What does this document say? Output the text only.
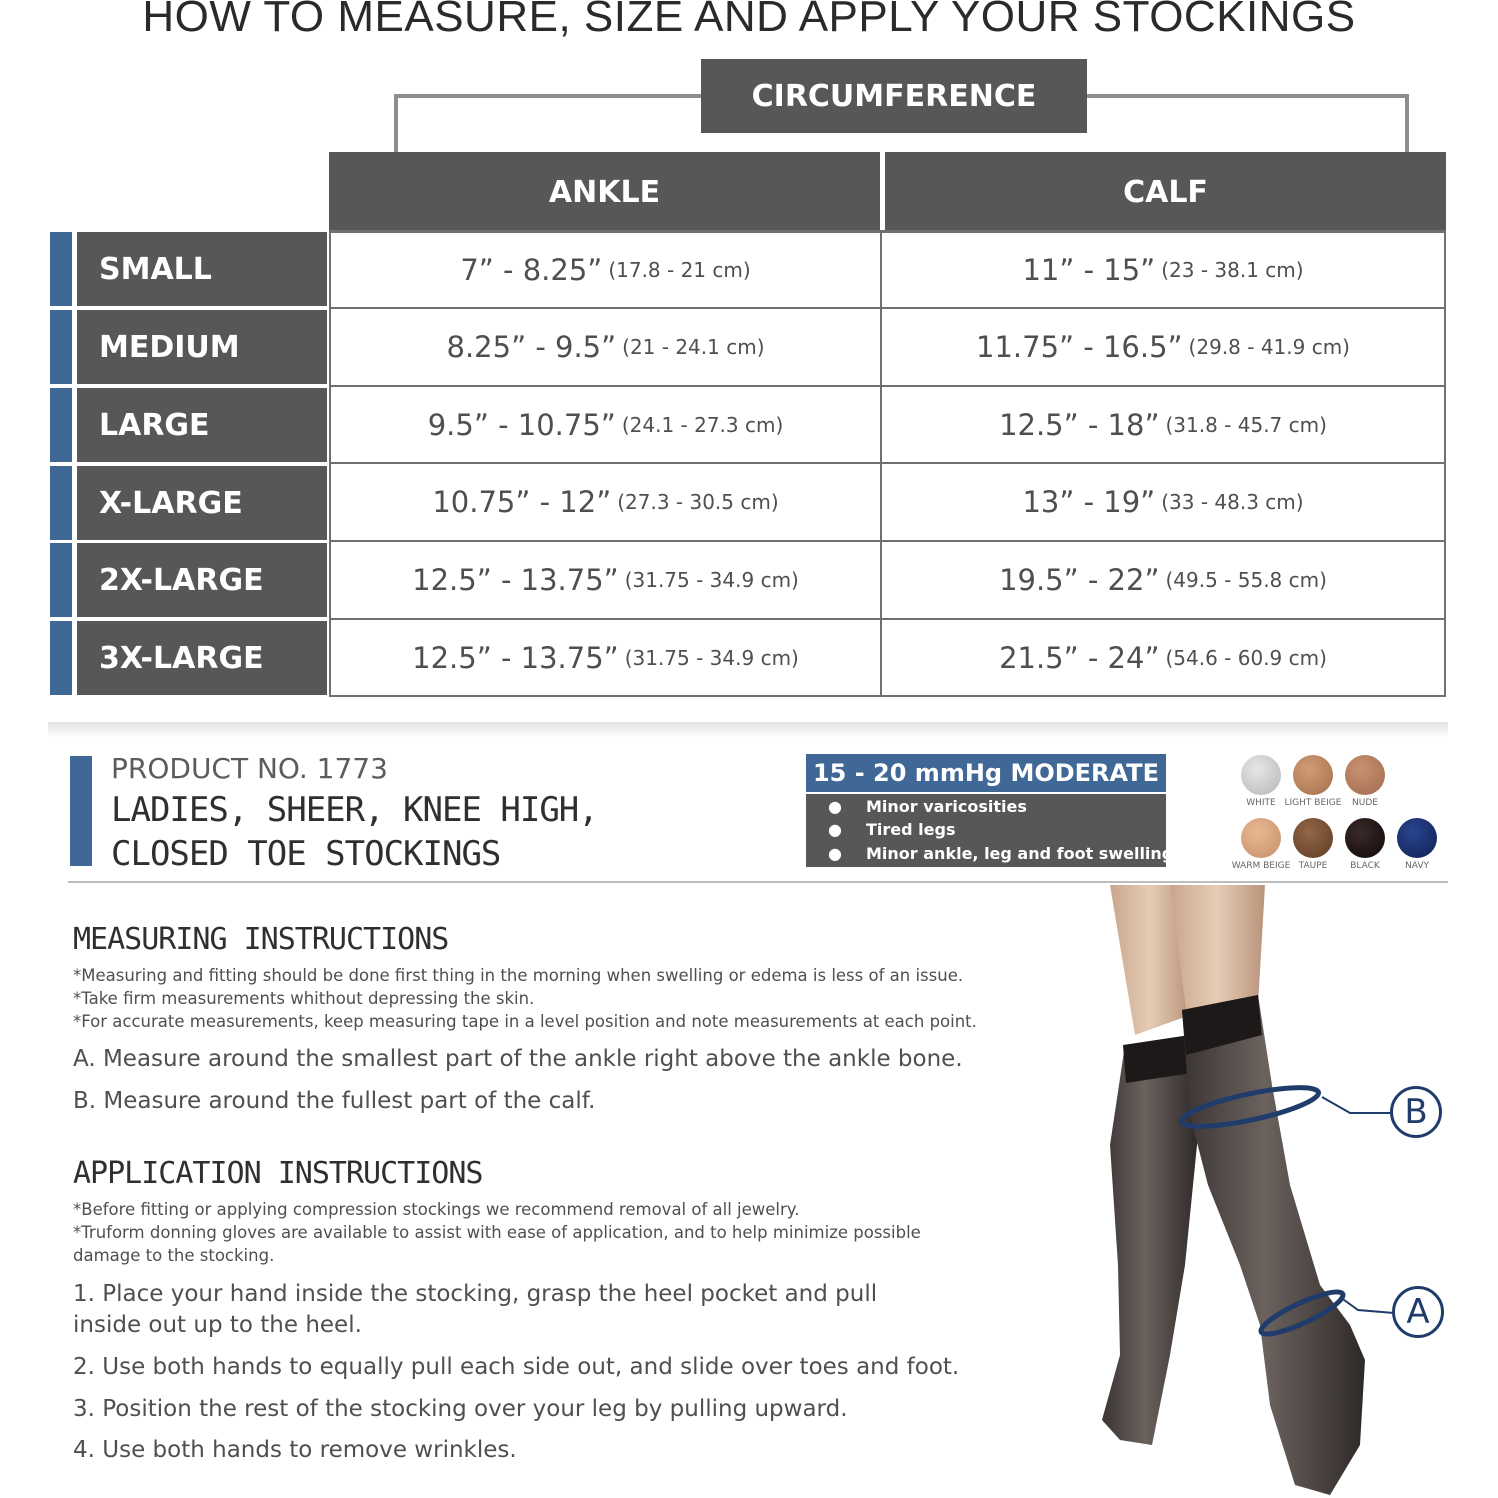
HOW TO MEASURE, SIZE AND APPLY YOUR STOCKINGS
CIRCUMFERENCE
ANKLE	CALF
SMALL	7” - 8.25” (17.8 - 21 cm)	11” - 15” (23 - 38.1 cm)
MEDIUM	8.25” - 9.5” (21 - 24.1 cm)	11.75” - 16.5” (29.8 - 41.9 cm)
LARGE	9.5” - 10.75” (24.1 - 27.3 cm)	12.5” - 18” (31.8 - 45.7 cm)
X-LARGE	10.75” - 12” (27.3 - 30.5 cm)	13” - 19” (33 - 48.3 cm)
2X-LARGE	12.5” - 13.75” (31.75 - 34.9 cm)	19.5” - 22” (49.5 - 55.8 cm)
3X-LARGE	12.5” - 13.75” (31.75 - 34.9 cm)	21.5” - 24” (54.6 - 60.9 cm)
PRODUCT NO. 1773
LADIES, SHEER, KNEE HIGH,
CLOSED TOE STOCKINGS
15 - 20 mmHg MODERATE
● Minor varicosities
● Tired legs
● Minor ankle, leg and foot swelling
WHITE LIGHT BEIGE	NUDE
WARM BEIGE TAUPE	BLACK	NAVY
MEASURING INSTRUCTIONS
*Measuring and fitting should be done first thing in the morning when swelling or edema is less of an issue.
*Take firm measurements whithout depressing the skin.
*For accurate measurements, keep measuring tape in a level position and note measurements at each point.
A. Measure around the smallest part of the ankle right above the ankle bone.
B. Measure around the fullest part of the calf.
APPLICATION INSTRUCTIONS
*Before fitting or applying compression stockings we recommend removal of all jewelry.
*Truform donning gloves are available to assist with ease of application, and to help minimize possible
damage to the stocking.
1. Place your hand inside the stocking, grasp the heel pocket and pull
inside out up to the heel.
2. Use both hands to equally pull each side out, and slide over toes and foot.
3. Position the rest of the stocking over your leg by pulling upward.
4. Use both hands to remove wrinkles.
B
A
